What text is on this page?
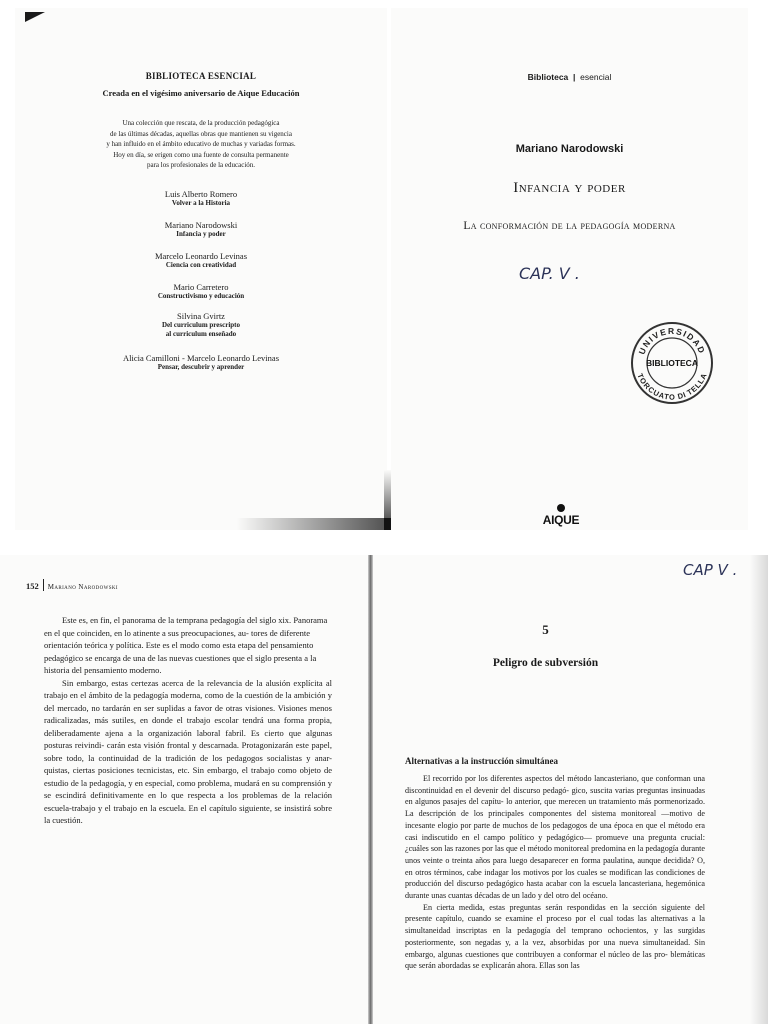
BIBLIOTECA ESENCIAL
Creada en el vigésimo aniversario de Aique Educación
Una colección que rescata, de la producción pedagógica
de las últimas décadas, aquellas obras que mantienen su vigencia
y han influido en el ámbito educativo de muchas y variadas formas.
Hoy en día, se erigen como una fuente de consulta permanente
para los profesionales de la educación.
Luis Alberto Romero
Volver a la Historia
Mariano Narodowski
Infancia y poder
Marcelo Leonardo Levinas
Ciencia con creatividad
Mario Carretero
Constructivismo y educación
Silvina Gvirtz
Del curriculum prescripto
al curriculum enseñado
Alicia Camilloni - Marcelo Leonardo Levinas
Pensar, descubrir y aprender
Biblioteca  |  esencial
Mariano Narodowski
Infancia y poder
La conformación de la pedagogía moderna
CAP. V .
UNIVERSIDAD
BIBLIOTECA
TORCUATO DI TELLA
AIQUE
152 Mariano Narodowski

Este es, en fin, el panorama de la temprana pedagogía del siglo xix. Panorama en el que coinciden, en lo atinente a sus preocupaciones, au- tores de diferente orientación teórica y política. Este es el modo como esta etapa del pensamiento pedagógico se encarga de una de las nuevas cuestiones que el siglo presenta a la historia del pensamiento moderno.

Sin embargo, estas certezas acerca de la relevancia de la alusión explícita al trabajo en el ámbito de la pedagogía moderna, como de la cuestión de la ambición y del mercado, no tardarán en ser suplidas a favor de otras visiones. Visiones menos radicalizadas, más sutiles, en donde el trabajo escolar tendrá una forma propia, deliberadamente ajena a la organización laboral fabril. Es cierto que algunas posturas reivindi- carán esta visión frontal y descarnada. Protagonizarán este papel, sobre todo, la continuidad de la tradición de los pedagogos socialistas y anar- quistas, ciertas posiciones tecnicistas, etc. Sin embargo, el trabajo como objeto de estudio de la pedagogía, y en especial, como problema, mudará en su comprensión y se escindirá definitivamente en lo que respecta a los problemas de la relación escuela-trabajo y el trabajo en la escuela. En el capítulo siguiente, se insistirá sobre la cuestión.

CAP V .
5
Peligro de subversión
Alternativas a la instrucción simultánea

El recorrido por los diferentes aspectos del método lancasteriano, que conforman una discontinuidad en el devenir del discurso pedagó- gico, suscita varias preguntas insinuadas en algunos pasajes del capítu- lo anterior, que merecen un tratamiento más pormenorizado. La descripción de los principales componentes del sistema monitoreal —motivo de incesante elogio por parte de muchos de los pedagogos de una época en que el método era casi indiscutido en el campo político y pedagógico— promueve una pregunta crucial: ¿cuáles son las razones por las que el método monitoreal predomina en la pedagogía durante unos veinte o treinta años para luego desaparecer en forma paulatina, aunque decidida? O, en otros términos, cabe indagar los motivos por los cuales se modifican las condiciones de producción del discurso pedagógico hasta acabar con la escuela lancasteriana, hegemónica durante unas cuantas décadas de un lado y del otro del océano.

En cierta medida, estas preguntas serán respondidas en la sección siguiente del presente capítulo, cuando se examine el proceso por el cual todas las alternativas a la simultaneidad inscriptas en la pedagogía del temprano ochocientos, y las surgidas posteriormente, son negadas y, a la vez, absorbidas por una nueva simultaneidad. Sin embargo, algunas cuestiones que contribuyen a conformar el núcleo de las pro- blemáticas que serán abordadas se explicarán ahora. Ellas son las
